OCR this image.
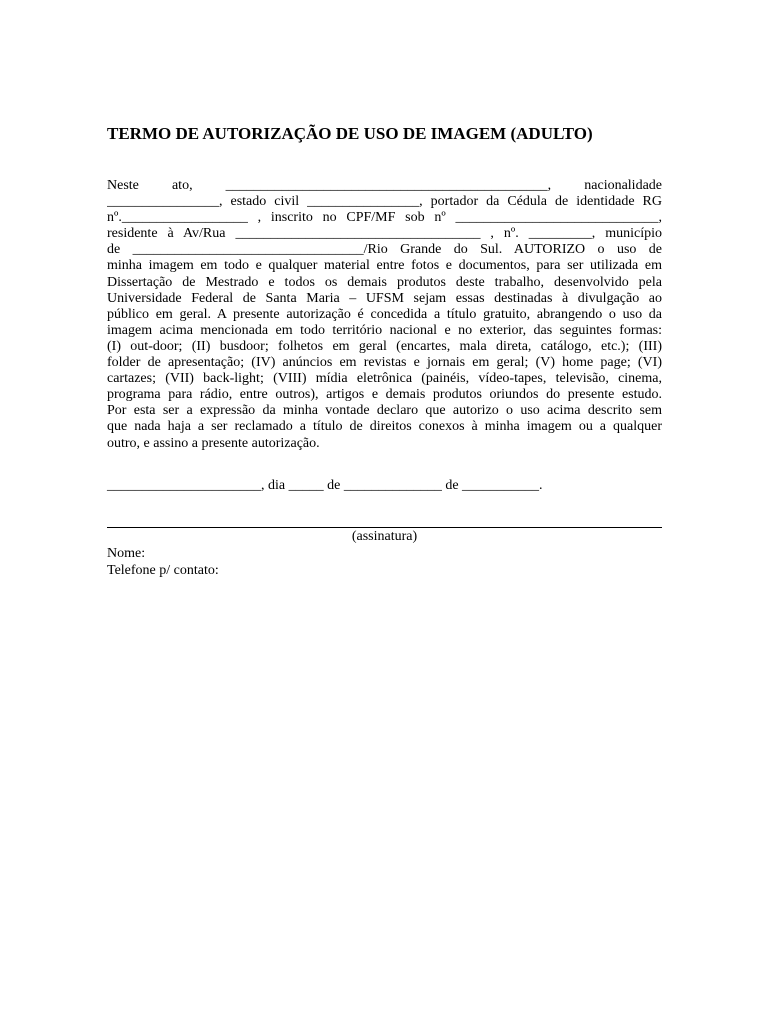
TERMO DE AUTORIZAÇÃO DE USO DE IMAGEM (ADULTO)
Neste ato, ______________________________________________, nacionalidade
________________, estado civil ________________, portador da Cédula de identidade RG
nº.__________________ , inscrito no CPF/MF sob nº _____________________________,
residente à Av/Rua ___________________________________ , nº. _________, município
de _________________________________/Rio Grande do Sul. AUTORIZO o uso de
minha imagem em todo e qualquer material entre fotos e documentos, para ser utilizada em
Dissertação de Mestrado e todos os demais produtos deste trabalho, desenvolvido pela
Universidade Federal de Santa Maria – UFSM sejam essas destinadas à divulgação ao
público em geral. A presente autorização é concedida a título gratuito, abrangendo o uso da
imagem acima mencionada em todo território nacional e no exterior, das seguintes formas:
(I) out-door; (II) busdoor; folhetos em geral (encartes, mala direta, catálogo, etc.); (III)
folder de apresentação; (IV) anúncios em revistas e jornais em geral; (V) home page; (VI)
cartazes; (VII) back-light; (VIII) mídia eletrônica (painéis, vídeo-tapes, televisão, cinema,
programa para rádio, entre outros), artigos e demais produtos oriundos do presente estudo.
Por esta ser a expressão da minha vontade declaro que autorizo o uso acima descrito sem
que nada haja a ser reclamado a título de direitos conexos à minha imagem ou a qualquer
outro, e assino a presente autorização.
______________________, dia _____ de ______________ de ___________.
(assinatura)
Nome:
Telefone p/ contato:
